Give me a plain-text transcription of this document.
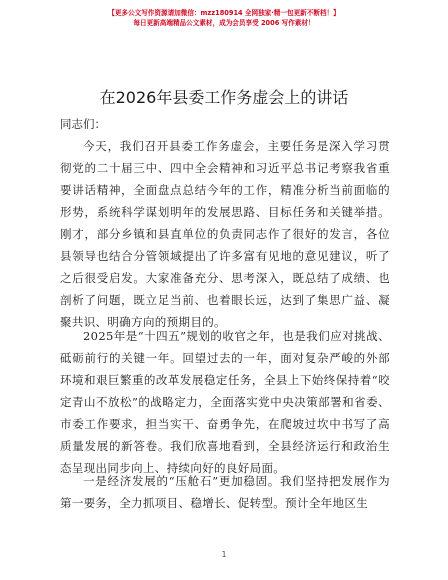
【更多公文写作资源请加微信：mzz180914 全网独家·精一包更新不断档！】
每日更新高端精品公文素材，成为会员享受 2006 写作素材！
在2026年县委工作务虚会上的讲话
同志们：

今天，我们召开县委工作务虚会，主要任务是深入学习贯彻党的二十届三中、四中全会精神和习近平总书记考察我省重要讲话精神，全面盘点总结今年的工作，精准分析当前面临的形势，系统科学谋划明年的发展思路、目标任务和关键举措。刚才，部分乡镇和县直单位的负责同志作了很好的发言，各位县领导也结合分管领域提出了许多富有见地的意见建议，听了之后很受启发。大家准备充分、思考深入，既总结了成绩、也剖析了问题，既立足当前、也着眼长远，达到了集思广益、凝聚共识、明确方向的预期目的。

2025年是“十四五”规划的收官之年，也是我们应对挑战、砥砺前行的关键一年。回望过去的一年，面对复杂严峻的外部环境和艰巨繁重的改革发展稳定任务，全县上下始终保持着“咬定青山不放松”的战略定力，全面落实党中央决策部署和省委、市委工作要求，担当实干、奋勇争先，在爬坡过坎中书写了高质量发展的新答卷。我们欣喜地看到，全县经济运行和政治生态呈现出同步向上、持续向好的良好局面。

一是经济发展的“压舱石”更加稳固。我们坚持把发展作为第一要务，全力抓项目、稳增长、促转型。预计全年地区生

1
